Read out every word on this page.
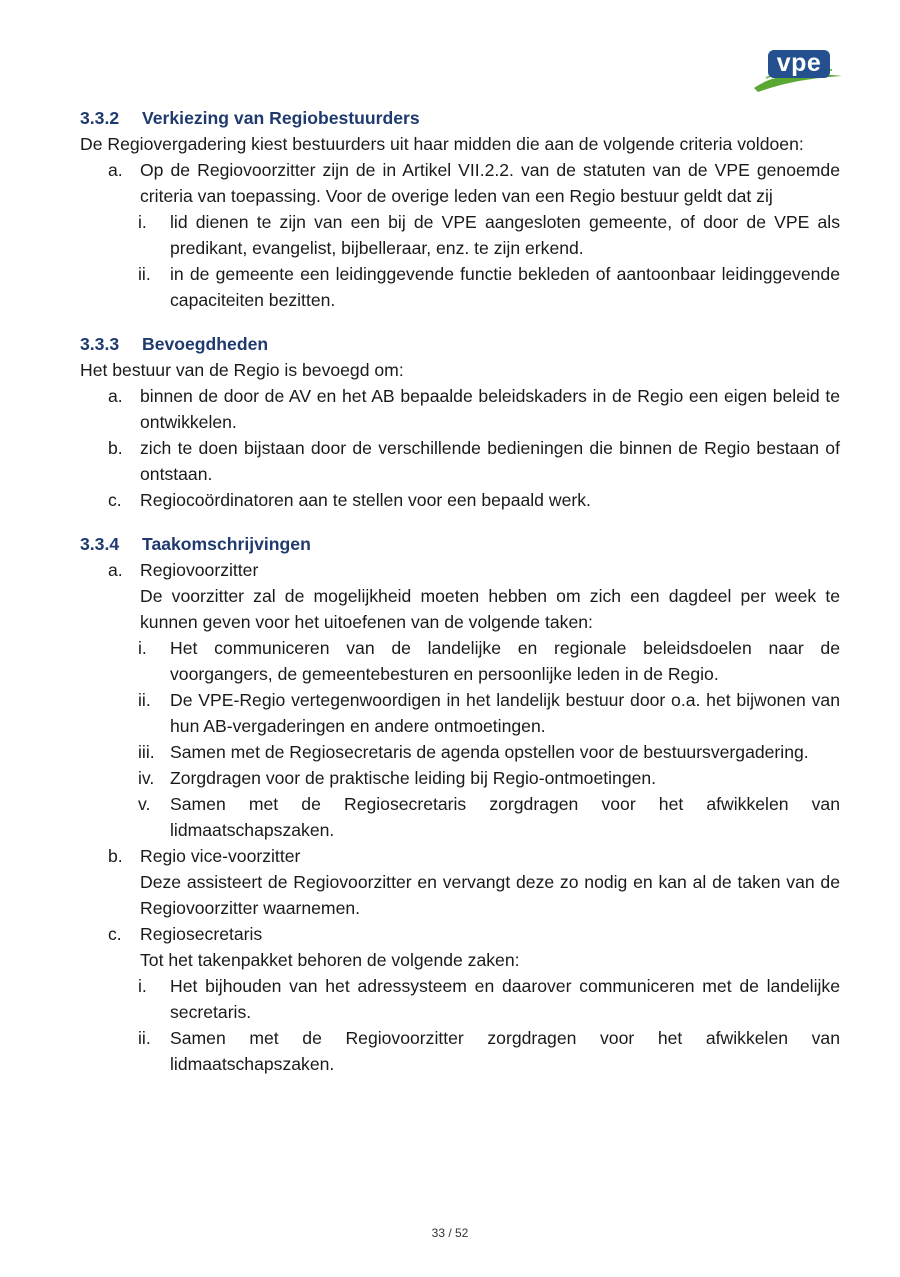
vpe
3.3.2 Verkiezing van Regiobestuurders
De Regiovergadering kiest bestuurders uit haar midden die aan de volgende criteria voldoen:
a. Op de Regiovoorzitter zijn de in Artikel VII.2.2. van de statuten van de VPE genoemde criteria van toepassing. Voor de overige leden van een Regio bestuur geldt dat zij
i.	lid dienen te zijn van een bij de VPE aangesloten gemeente, of door de VPE als predikant, evangelist, bijbelleraar, enz. te zijn erkend.
ii.	in de gemeente een leidinggevende functie bekleden of aantoonbaar leidinggevende capaciteiten bezitten.
3.3.3 Bevoegdheden
Het bestuur van de Regio is bevoegd om:
a. binnen de door de AV en het AB bepaalde beleidskaders in de Regio een eigen beleid te ontwikkelen.
b. zich te doen bijstaan door de verschillende bedieningen die binnen de Regio bestaan of ontstaan.
c.	Regiocoördinatoren aan te stellen voor een bepaald werk.
3.3.4 Taakomschrijvingen
a. Regiovoorzitter
De voorzitter zal de mogelijkheid moeten hebben om zich een dagdeel per week te kunnen geven voor het uitoefenen van de volgende taken:
i.	Het communiceren van de landelijke en regionale beleidsdoelen naar de voorgangers, de gemeentebesturen en persoonlijke leden in de Regio.
ii.	De VPE-Regio vertegenwoordigen in het landelijk bestuur door o.a. het bijwonen van hun AB-vergaderingen en andere ontmoetingen.
iii. Samen met de Regiosecretaris de agenda opstellen voor de bestuursvergadering.
iv. Zorgdragen voor de praktische leiding bij Regio-ontmoetingen.
v.	Samen met de Regiosecretaris zorgdragen voor het afwikkelen van lidmaatschapszaken.
b. Regio vice-voorzitter
Deze assisteert de Regiovoorzitter en vervangt deze zo nodig en kan al de taken van de Regiovoorzitter waarnemen.
c.	Regiosecretaris
Tot het takenpakket behoren de volgende zaken:
i.	Het bijhouden van het adressysteem en daarover communiceren met de landelijke secretaris.
ii.	Samen met de Regiovoorzitter zorgdragen voor het afwikkelen van lidmaatschapszaken.
33 / 52
